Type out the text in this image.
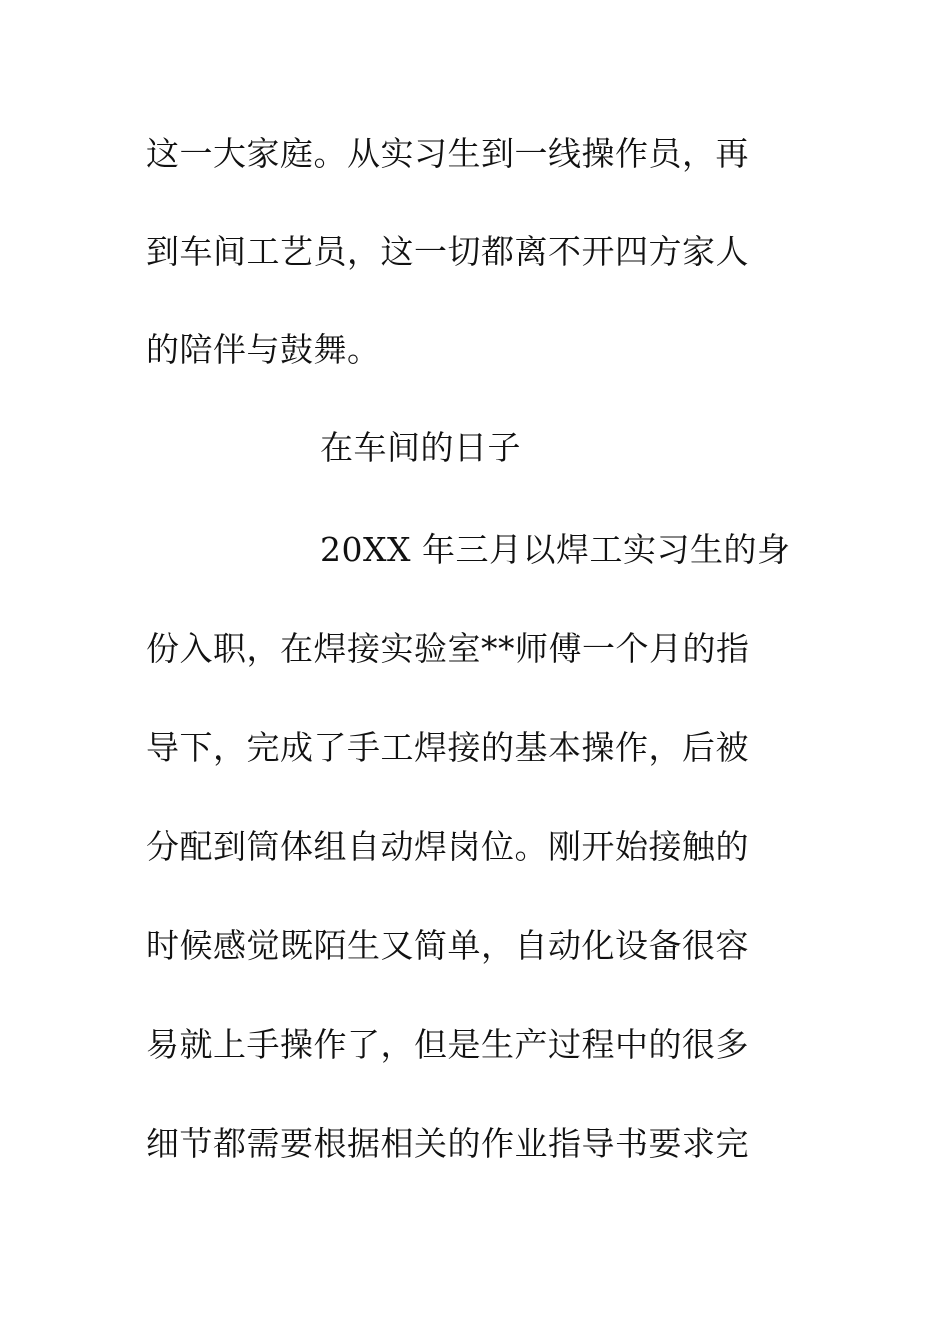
这一大家庭。从实习生到一线操作员，再
到车间工艺员，这一切都离不开四方家人
的陪伴与鼓舞。
在车间的日子
20XX 年三月以焊工实习生的身
份入职，在焊接实验室**师傅一个月的指
导下，完成了手工焊接的基本操作，后被
分配到筒体组自动焊岗位。刚开始接触的
时候感觉既陌生又简单，自动化设备很容
易就上手操作了，但是生产过程中的很多
细节都需要根据相关的作业指导书要求完
